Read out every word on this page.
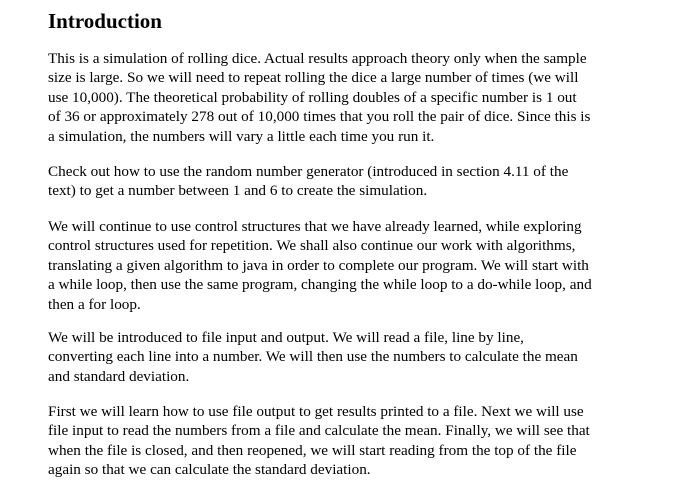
Introduction
This is a simulation of rolling dice. Actual results approach theory only when the sample
size is large. So we will need to repeat rolling the dice a large number of times (we will
use 10,000). The theoretical probability of rolling doubles of a specific number is 1 out
of 36 or approximately 278 out of 10,000 times that you roll the pair of dice. Since this is
a simulation, the numbers will vary a little each time you run it.
Check out how to use the random number generator (introduced in section 4.11 of the
text) to get a number between 1 and 6 to create the simulation.
We will continue to use control structures that we have already learned, while exploring
control structures used for repetition. We shall also continue our work with algorithms,
translating a given algorithm to java in order to complete our program. We will start with
a while loop, then use the same program, changing the while loop to a do-while loop, and
then a for loop.
We will be introduced to file input and output. We will read a file, line by line,
converting each line into a number. We will then use the numbers to calculate the mean
and standard deviation.
First we will learn how to use file output to get results printed to a file. Next we will use
file input to read the numbers from a file and calculate the mean. Finally, we will see that
when the file is closed, and then reopened, we will start reading from the top of the file
again so that we can calculate the standard deviation.
